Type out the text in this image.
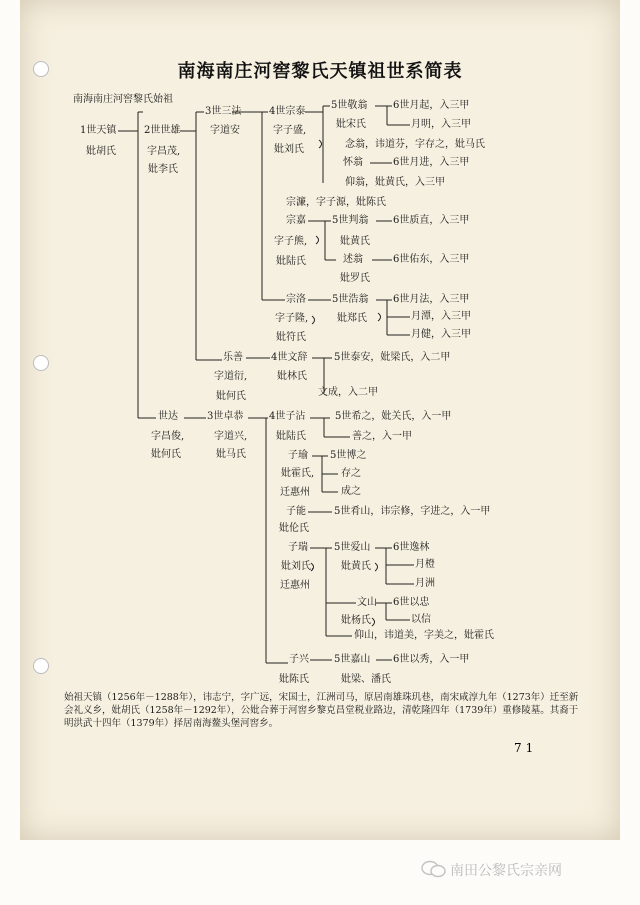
南海南庄河窖黎氏天镇祖世系简表
南海南庄河窖黎氏始祖
1世天镇
妣胡氏
2世世雄
字昌茂,
妣李氏
世达
字昌俊,
妣何氏
3世三法
字道安
乐善
字道衍,
妣何氏
3世卓恭
字道兴,
妣马氏
4世宗泰
字子盛,
妣刘氏
宗濂，字子源，妣陈氏
宗嘉
字子熊,
妣陆氏
宗洛
字子隆,
妣符氏
4世文辞
妣林氏
4世子沾
妣陆氏
子瑜
妣霍氏,
迁惠州
子能
妣伦氏
子瑞
妣刘氏,
迁惠州
子兴
妣陈氏
5世敬翁
妣宋氏
念翁，讳道芬，字存之，妣马氏
怀翁
仰翁，妣黄氏，入三甲
5世判翁
妣黄氏
述翁
妣罗氏
5世浩翁
妣郑氏
5世泰安，妣梁氏，入二甲
文成，入二甲
5世希之，妣关氏，入一甲
善之，入一甲
5世博之
存之
成之
5世肴山，讳宗修，字进之，入一甲
5世爱山
妣黄氏
文山
妣杨氏
仰山，讳道美，字美之，妣霍氏
5世嘉山
妣梁、潘氏
6世月起，入三甲
月明，入三甲
6世月进，入三甲
6世质直，入三甲
6世佑东，入三甲
6世月法，入三甲
月潭，入三甲
月健，入三甲
6世逸林
月橙
月洲
6世以忠
以信
6世以秀，入一甲
始祖天镇（1256年－1288年），讳志宁，字广远，宋国士，江洲司马，原居南雄珠玑巷，南宋咸淳九年（1273年）迁至新会礼义乡，妣胡氏（1258年－1292年），公妣合葬于河窖乡黎克昌堂税业路边，清乾隆四年（1739年）重修陵墓。其裔于明洪武十四年（1379年）择居南海鳌头堡河窖乡。
71
南田公黎氏宗亲网
